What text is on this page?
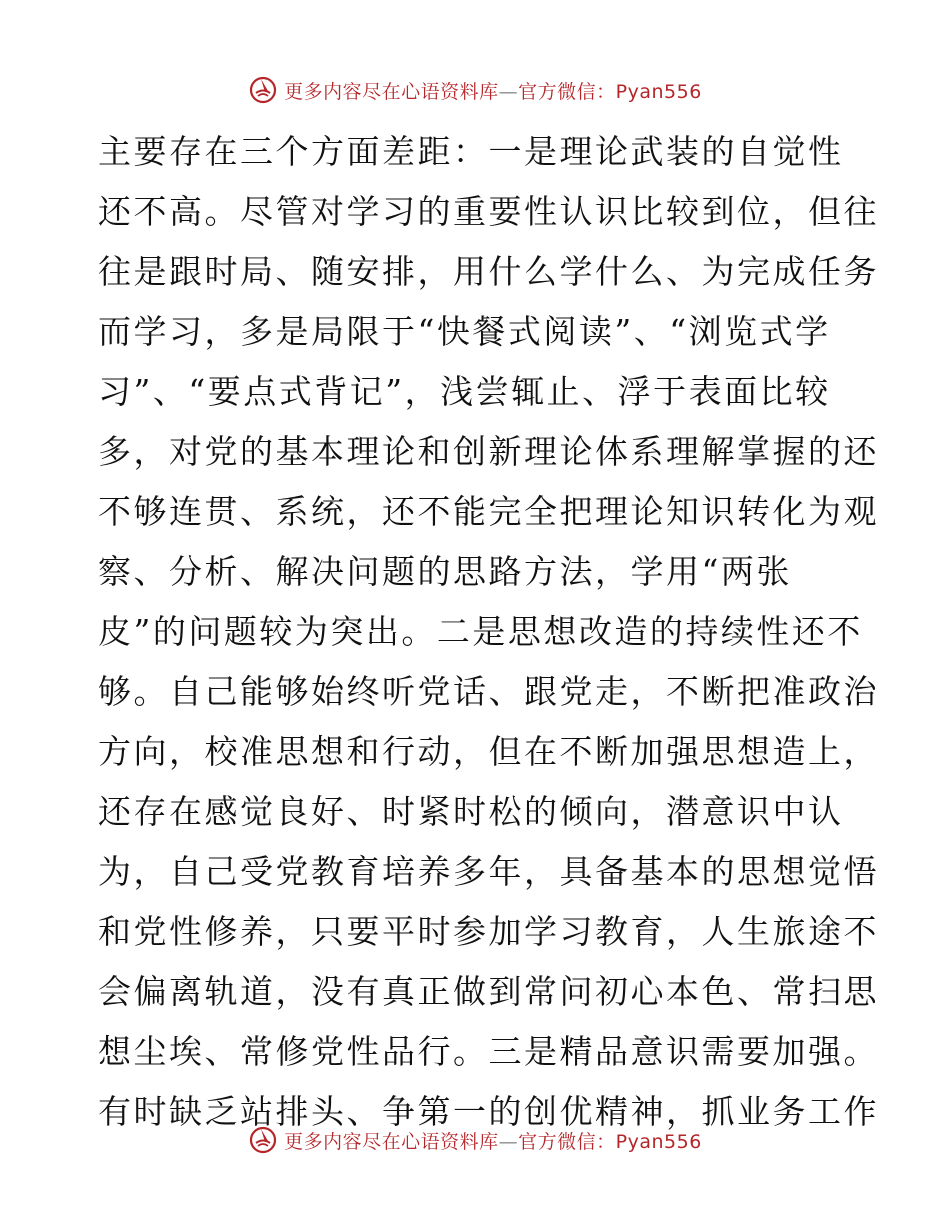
更多内容尽在心语资料库—官方微信：Pyan556
主要存在三个方面差距：一是理论武装的自觉性
还不高。尽管对学习的重要性认识比较到位，但往
往是跟时局、随安排，用什么学什么、为完成任务
而学习，多是局限于“快餐式阅读”、“浏览式学
习”、“要点式背记”，浅尝辄止、浮于表面比较
多，对党的基本理论和创新理论体系理解掌握的还
不够连贯、系统，还不能完全把理论知识转化为观
察、分析、解决问题的思路方法，学用“两张
皮”的问题较为突出。二是思想改造的持续性还不
够。自己能够始终听党话、跟党走，不断把准政治
方向，校准思想和行动，但在不断加强思想造上，
还存在感觉良好、时紧时松的倾向，潜意识中认
为，自己受党教育培养多年，具备基本的思想觉悟
和党性修养，只要平时参加学习教育，人生旅途不
会偏离轨道，没有真正做到常问初心本色、常扫思
想尘埃、常修党性品行。三是精品意识需要加强。
有时缺乏站排头、争第一的创优精神，抓业务工作
更多内容尽在心语资料库—官方微信：Pyan556
